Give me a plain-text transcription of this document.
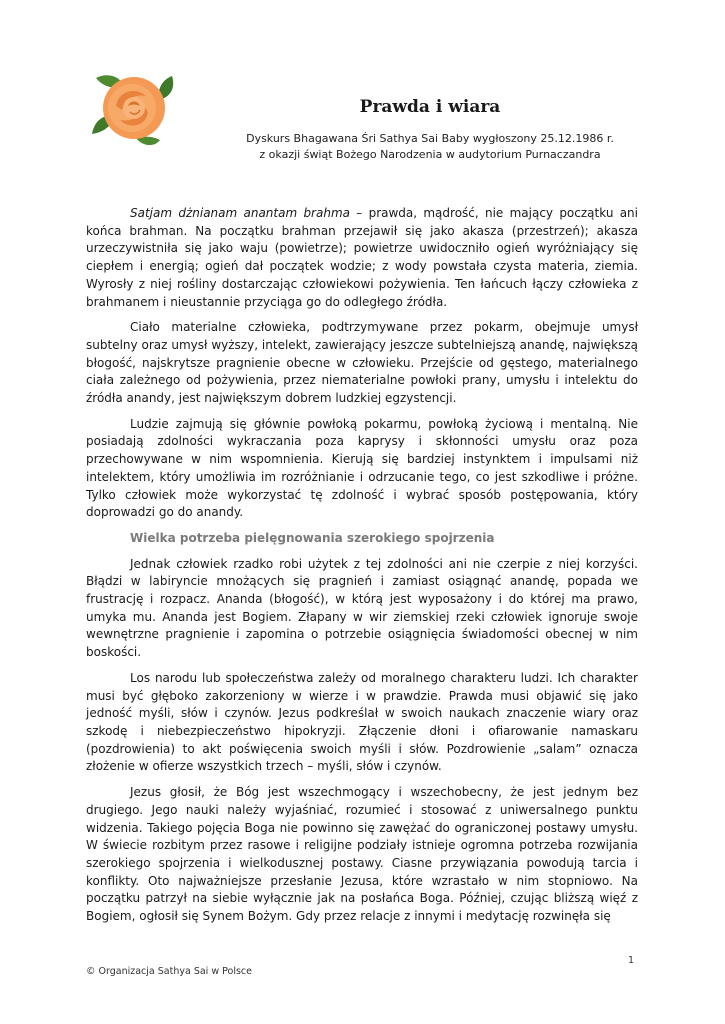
Prawda i wiara
Dyskurs Bhagawana Śri Sathya Sai Baby wygłoszony 25.12.1986 r.
z okazji świąt Bożego Narodzenia w audytorium Purnaczandra

Satjam dżnianam anantam brahma – prawda, mądrość, nie mający początku ani końca brahman. Na początku brahman przejawił się jako akasza (przestrzeń); akasza urzeczywistniła się jako waju (powietrze); powietrze uwidoczniło ogień wyróżniający się ciepłem i energią; ogień dał początek wodzie; z wody powstała czysta materia, ziemia. Wyrosły z niej rośliny dostarczając człowiekowi pożywienia. Ten łańcuch łączy człowieka z brahmanem i nieustannie przyciąga go do odległego źródła.

Ciało materialne człowieka, podtrzymywane przez pokarm, obejmuje umysł subtelny oraz umysł wyższy, intelekt, zawierający jeszcze subtelniejszą anandę, największą błogość, najskrytsze pragnienie obecne w człowieku. Przejście od gęstego, materialnego ciała zależnego od pożywienia, przez niematerialne powłoki prany, umysłu i intelektu do źródła anandy, jest największym dobrem ludzkiej egzystencji.

Ludzie zajmują się głównie powłoką pokarmu, powłoką życiową i mentalną. Nie posiadają zdolności wykraczania poza kaprysy i skłonności umysłu oraz poza przechowywane w nim wspomnienia. Kierują się bardziej instynktem i impulsami niż intelektem, który umożliwia im rozróżnianie i odrzucanie tego, co jest szkodliwe i próżne. Tylko człowiek może wykorzystać tę zdolność i wybrać sposób postępowania, który doprowadzi go do anandy.

Wielka potrzeba pielęgnowania szerokiego spojrzenia

Jednak człowiek rzadko robi użytek z tej zdolności ani nie czerpie z niej korzyści. Błądzi w labiryncie mnożących się pragnień i zamiast osiągnąć anandę, popada we frustrację i rozpacz. Ananda (błogość), w którą jest wyposażony i do której ma prawo, umyka mu. Ananda jest Bogiem. Złapany w wir ziemskiej rzeki człowiek ignoruje swoje wewnętrzne pragnienie i zapomina o potrzebie osiągnięcia świadomości obecnej w nim boskości.

Los narodu lub społeczeństwa zależy od moralnego charakteru ludzi. Ich charakter musi być głęboko zakorzeniony w wierze i w prawdzie. Prawda musi objawić się jako jedność myśli, słów i czynów. Jezus podkreślał w swoich naukach znaczenie wiary oraz szkodę i niebezpieczeństwo hipokryzji. Złączenie dłoni i ofiarowanie namaskaru (pozdrowienia) to akt poświęcenia swoich myśli i słów. Pozdrowienie „salam” oznacza złożenie w ofierze wszystkich trzech – myśli, słów i czynów.

Jezus głosił, że Bóg jest wszechmogący i wszechobecny, że jest jednym bez drugiego. Jego nauki należy wyjaśniać, rozumieć i stosować z uniwersalnego punktu widzenia. Takiego pojęcia Boga nie powinno się zawężać do ograniczonej postawy umysłu. W świecie rozbitym przez rasowe i religijne podziały istnieje ogromna potrzeba rozwijania szerokiego spojrzenia i wielkodusznej postawy. Ciasne przywiązania powodują tarcia i konflikty. Oto najważniejsze przesłanie Jezusa, które wzrastało w nim stopniowo. Na początku patrzył na siebie wyłącznie jak na posłańca Boga. Później, czując bliższą więź z Bogiem, ogłosił się Synem Bożym. Gdy przez relacje z innymi i medytację rozwinęła się

1
© Organizacja Sathya Sai w Polsce
